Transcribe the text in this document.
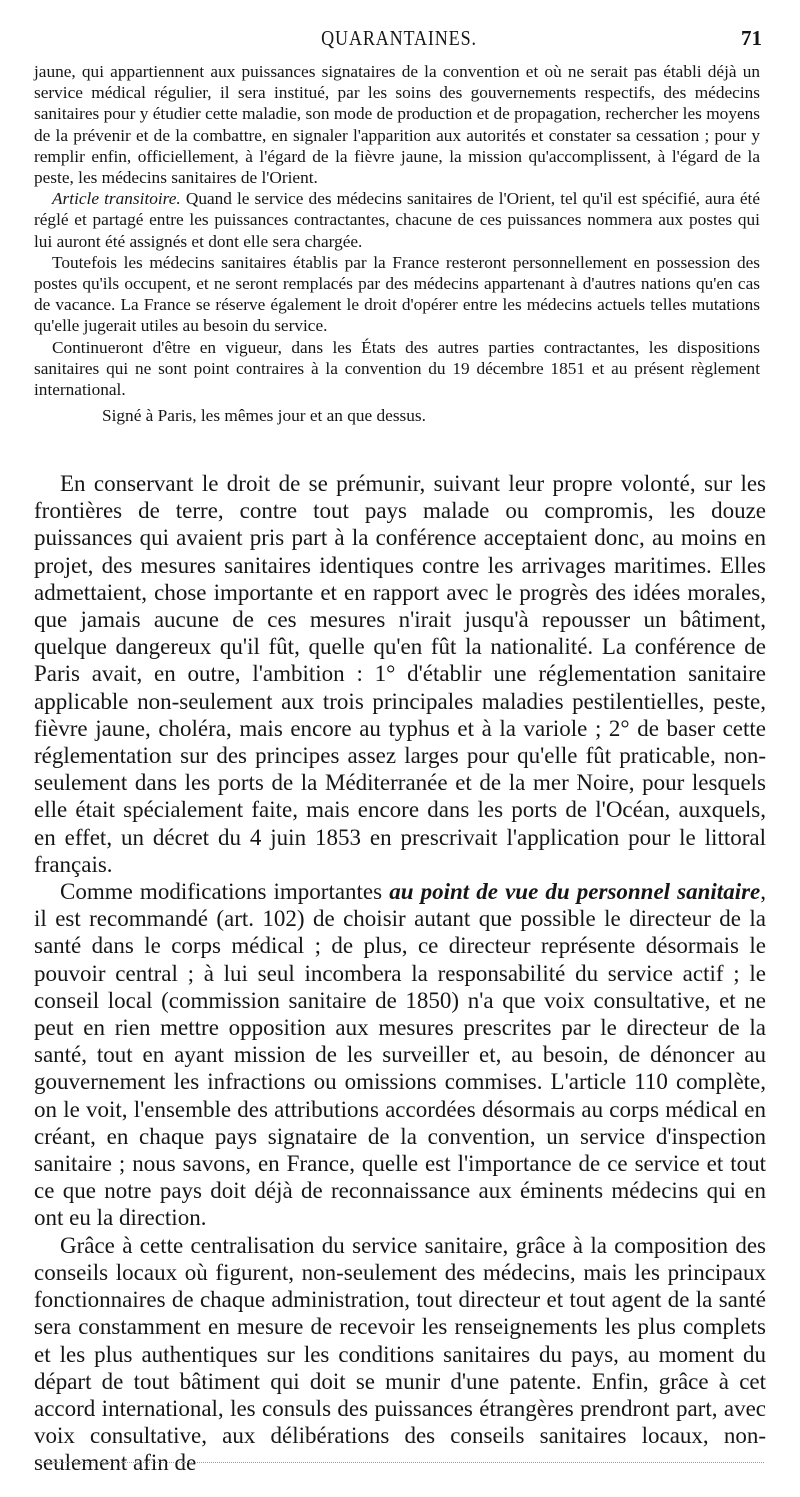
QUARANTAINES.	71

jaune, qui appartiennent aux puissances signataires de la convention et où ne serait pas établi déjà un service médical régulier, il sera institué, par les soins des gouvernements respectifs, des médecins sanitaires pour y étudier cette maladie, son mode de production et de propagation, rechercher les moyens de la prévenir et de la combattre, en signaler l'apparition aux autorités et constater sa cessation ; pour y remplir enfin, officiellement, à l'égard de la fièvre jaune, la mission qu'accomplissent, à l'égard de la peste, les médecins sanitaires de l'Orient.

Article transitoire. Quand le service des médecins sanitaires de l'Orient, tel qu'il est spécifié, aura été réglé et partagé entre les puissances contractantes, chacune de ces puissances nommera aux postes qui lui auront été assignés et dont elle sera chargée.

Toutefois les médecins sanitaires établis par la France resteront personnellement en possession des postes qu'ils occupent, et ne seront remplacés par des médecins appartenant à d'autres nations qu'en cas de vacance. La France se réserve également le droit d'opérer entre les médecins actuels telles mutations qu'elle jugerait utiles au besoin du service.

Continueront d'être en vigueur, dans les États des autres parties contractantes, les dispositions sanitaires qui ne sont point contraires à la convention du 19 décembre 1851 et au présent règlement international.

Signé à Paris, les mêmes jour et an que dessus.

En conservant le droit de se prémunir, suivant leur propre volonté, sur les frontières de terre, contre tout pays malade ou compromis, les douze puissances qui avaient pris part à la conférence acceptaient donc, au moins en projet, des mesures sanitaires identiques contre les arrivages maritimes. Elles admettaient, chose importante et en rapport avec le progrès des idées morales, que jamais aucune de ces mesures n'irait jusqu'à repousser un bâtiment, quelque dangereux qu'il fût, quelle qu'en fût la nationalité. La conférence de Paris avait, en outre, l'ambition : 1° d'établir une réglementation sanitaire applicable non-seulement aux trois principales maladies pestilentielles, peste, fièvre jaune, choléra, mais encore au typhus et à la variole ; 2° de baser cette réglementation sur des principes assez larges pour qu'elle fût praticable, non-seulement dans les ports de la Méditerranée et de la mer Noire, pour lesquels elle était spécialement faite, mais encore dans les ports de l'Océan, auxquels, en effet, un décret du 4 juin 1853 en prescrivait l'application pour le littoral français.

Comme modifications importantes au point de vue du personnel sanitaire, il est recommandé (art. 102) de choisir autant que possible le directeur de la santé dans le corps médical ; de plus, ce directeur représente désormais le pouvoir central ; à lui seul incombera la responsabilité du service actif ; le conseil local (commission sanitaire de 1850) n'a que voix consultative, et ne peut en rien mettre opposition aux mesures prescrites par le directeur de la santé, tout en ayant mission de les surveiller et, au besoin, de dénoncer au gouvernement les infractions ou omissions commises. L'article 110 complète, on le voit, l'ensemble des attributions accordées désormais au corps médical en créant, en chaque pays signataire de la convention, un service d'inspection sanitaire ; nous savons, en France, quelle est l'importance de ce service et tout ce que notre pays doit déjà de reconnaissance aux éminents médecins qui en ont eu la direction.

Grâce à cette centralisation du service sanitaire, grâce à la composition des conseils locaux où figurent, non-seulement des médecins, mais les principaux fonctionnaires de chaque administration, tout directeur et tout agent de la santé sera constamment en mesure de recevoir les renseignements les plus complets et les plus authentiques sur les conditions sanitaires du pays, au moment du départ de tout bâtiment qui doit se munir d'une patente. Enfin, grâce à cet accord international, les consuls des puissances étrangères prendront part, avec voix consultative, aux délibérations des conseils sanitaires locaux, non-seulement afin de
